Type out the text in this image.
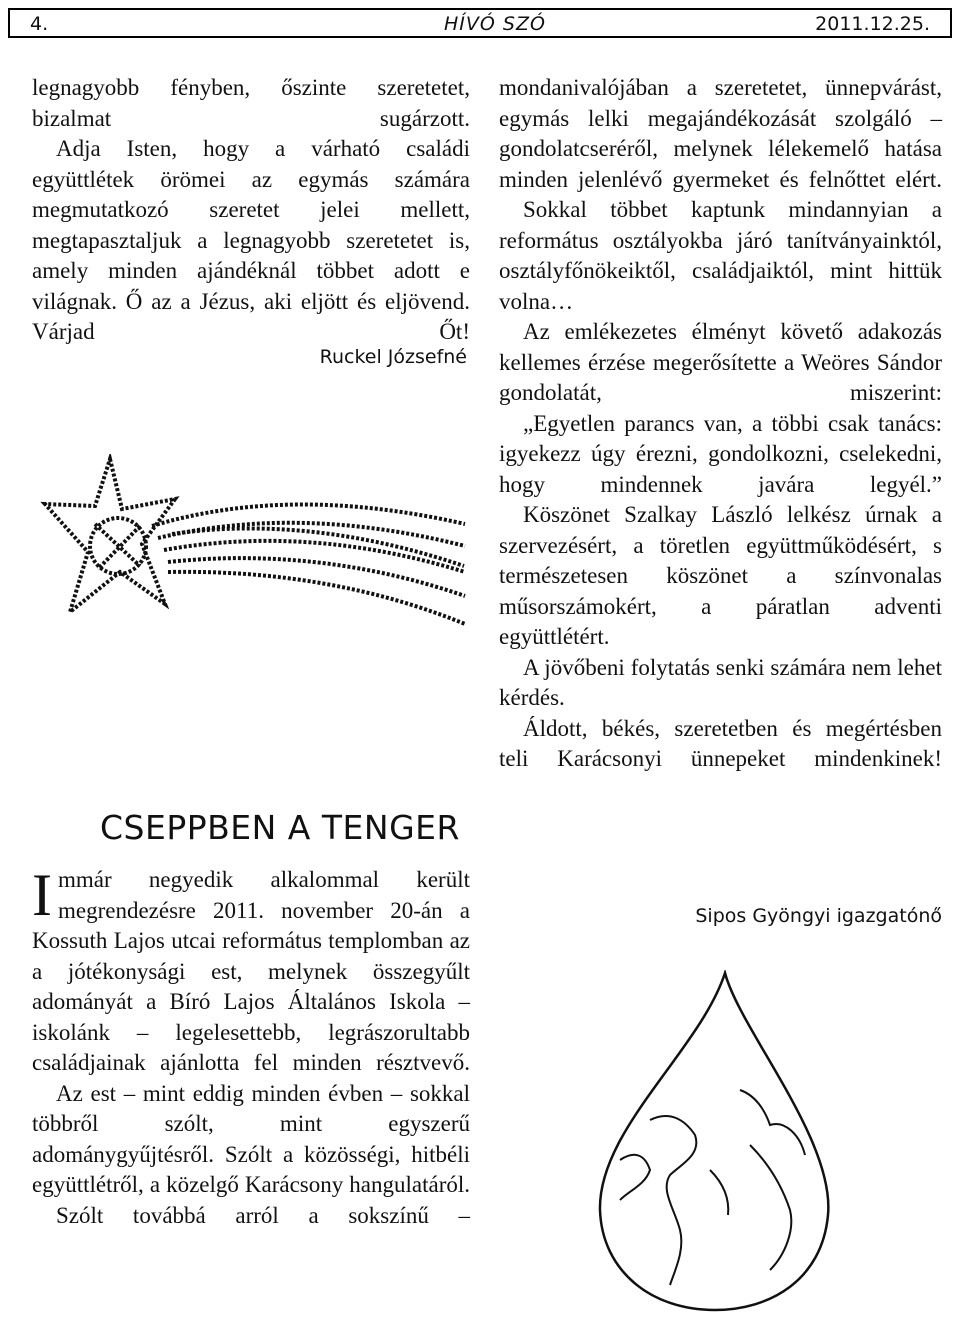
4.	HÍVÓ SZÓ	2011.12.25.

legnagyobb fényben, őszinte szeretetet, bizalmat sugárzott.

Adja Isten, hogy a várható családi együttlétek örömei az egymás számára megmutatkozó szeretet jelei mellett, megtapasztaljuk a legnagyobb szeretetet is, amely minden ajándéknál többet adott e világnak. Ő az a Jézus, aki eljött és eljövend. Várjad Őt!

Ruckel Józsefné
CSEPPBEN A TENGER

I mmár negyedik alkalommal került megrendezésre 2011. november 20-án a Kossuth Lajos utcai református templomban az a jótékonysági est, melynek összegyűlt adományát a Bíró Lajos Általános Iskola – iskolánk – legelesettebb, legrászorultabb családjainak ajánlotta fel minden résztvevő.

Az est – mint eddig minden évben – sokkal többről szólt, mint egyszerű adománygyűjtésről. Szólt a közösségi, hitbéli együttlétről, a közelgő Karácsony hangulatáról.

Szólt továbbá arról a sokszínű –

mondanivalójában a szeretetet, ünnepvárást, egymás lelki megajándékozását szolgáló – gondolatcseréről, melynek lélekemelő hatása minden jelenlévő gyermeket és felnőttet elért.

Sokkal többet kaptunk mindannyian a református osztályokba járó tanítványainktól, osztályfőnökeiktől, családjaiktól, mint hittük volna…

Az emlékezetes élményt követő adakozás kellemes érzése megerősítette a Weöres Sándor gondolatát, miszerint:

„Egyetlen parancs van, a többi csak tanács: igyekezz úgy érezni, gondolkozni, cselekedni, hogy mindennek javára legyél.”

Köszönet Szalkay László lelkész úrnak a szervezésért, a töretlen együttműködésért, s természetesen köszönet a színvonalas műsorszámokért, a páratlan adventi együttlétért.

A jövőbeni folytatás senki számára nem lehet kérdés.

Áldott, békés, szeretetben és megértésben teli Karácsonyi ünnepeket mindenkinek!

Sipos Gyöngyi igazgatónő
